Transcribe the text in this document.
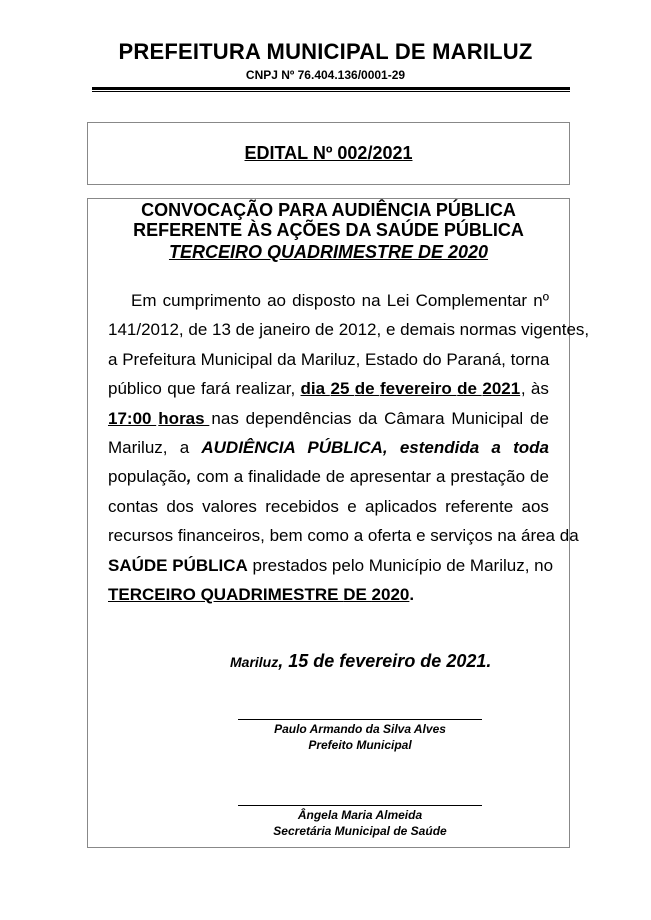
PREFEITURA MUNICIPAL DE MARILUZ
CNPJ Nº 76.404.136/0001-29
EDITAL Nº 002/2021
CONVOCAÇÃO PARA AUDIÊNCIA PÚBLICA
REFERENTE ÀS AÇÕES DA SAÚDE PÚBLICA
TERCEIRO QUADRIMESTRE DE 2020
Em cumprimento ao disposto na Lei Complementar nº
141/2012, de 13 de janeiro de 2012, e demais normas vigentes,
a Prefeitura Municipal da Mariluz, Estado do Paraná, torna
público que fará realizar, dia 25 de fevereiro de 2021 , às
17:00 horas nas dependências da Câmara Municipal de
Mariluz, a AUDIÊNCIA PÚBLICA, estendida a toda
população ,
com a finalidade de apresentar a prestação de
contas dos valores recebidos e aplicados referente aos
recursos financeiros, bem como a oferta e serviços na área da
SAÚDE PÚBLICA
prestados pelo Município de Mariluz, no
TERCEIRO QUADRIMESTRE DE 2020 .
Mariluz, 15 de fevereiro de 2021.
Paulo Armando da Silva Alves
Prefeito Municipal
Ângela Maria Almeida
Secretária Municipal de Saúde
